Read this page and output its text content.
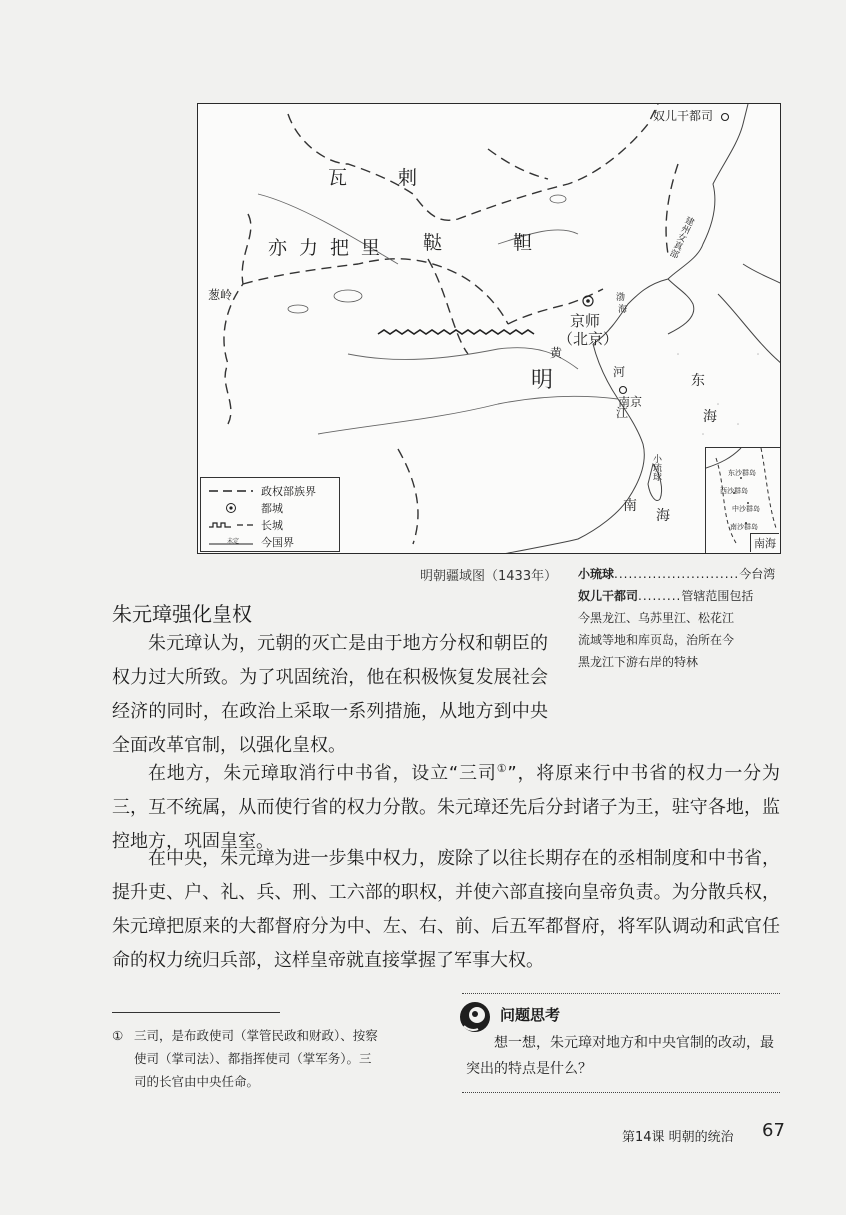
奴儿干都司
瓦	剌
亦力把里 鞑	靼
葱岭
京师
（北京）
明
南京
东
海
建州女真部
黄
河
江
南
海
小琉球
渤
海
政权部族界
都城
长城
未定 今国界
东沙群岛
西沙群岛
中沙群岛
南沙群岛
南海
明朝疆域图（1433年） 小琉球..........................今台湾
奴儿干都司.........管辖范围包括
今黑龙江、乌苏里江、松花江
流域等地和库页岛，治所在今
黑龙江下游右岸的特林
朱元璋强化皇权

朱元璋认为，元朝的灭亡是由于地方分权和朝臣的权力过大所致。为了巩固统治，他在积极恢复发展社会经济的同时，在政治上采取一系列措施，从地方到中央全面改革官制，以强化皇权。

在地方，朱元璋取消行中书省，设立“三司①”，将原来行中书省的权力一分为三，互不统属，从而使行省的权力分散。朱元璋还先后分封诸子为王，驻守各地，监控地方，巩固皇室。

在中央，朱元璋为进一步集中权力，废除了以往长期存在的丞相制度和中书省，提升吏、户、礼、兵、刑、工六部的职权，并使六部直接向皇帝负责。为分散兵权，朱元璋把原来的大都督府分为中、左、右、前、后五军都督府，将军队调动和武官任命的权力统归兵部，这样皇帝就直接掌握了军事大权。

① 三司，是布政使司（掌管民政和财政）、按察
使司（掌司法）、都指挥使司（掌军务）。三
司的长官由中央任命。
问题思考

想一想，朱元璋对地方和中央官制的改动，最突出的特点是什么？

第14课 明朝的统治 67
